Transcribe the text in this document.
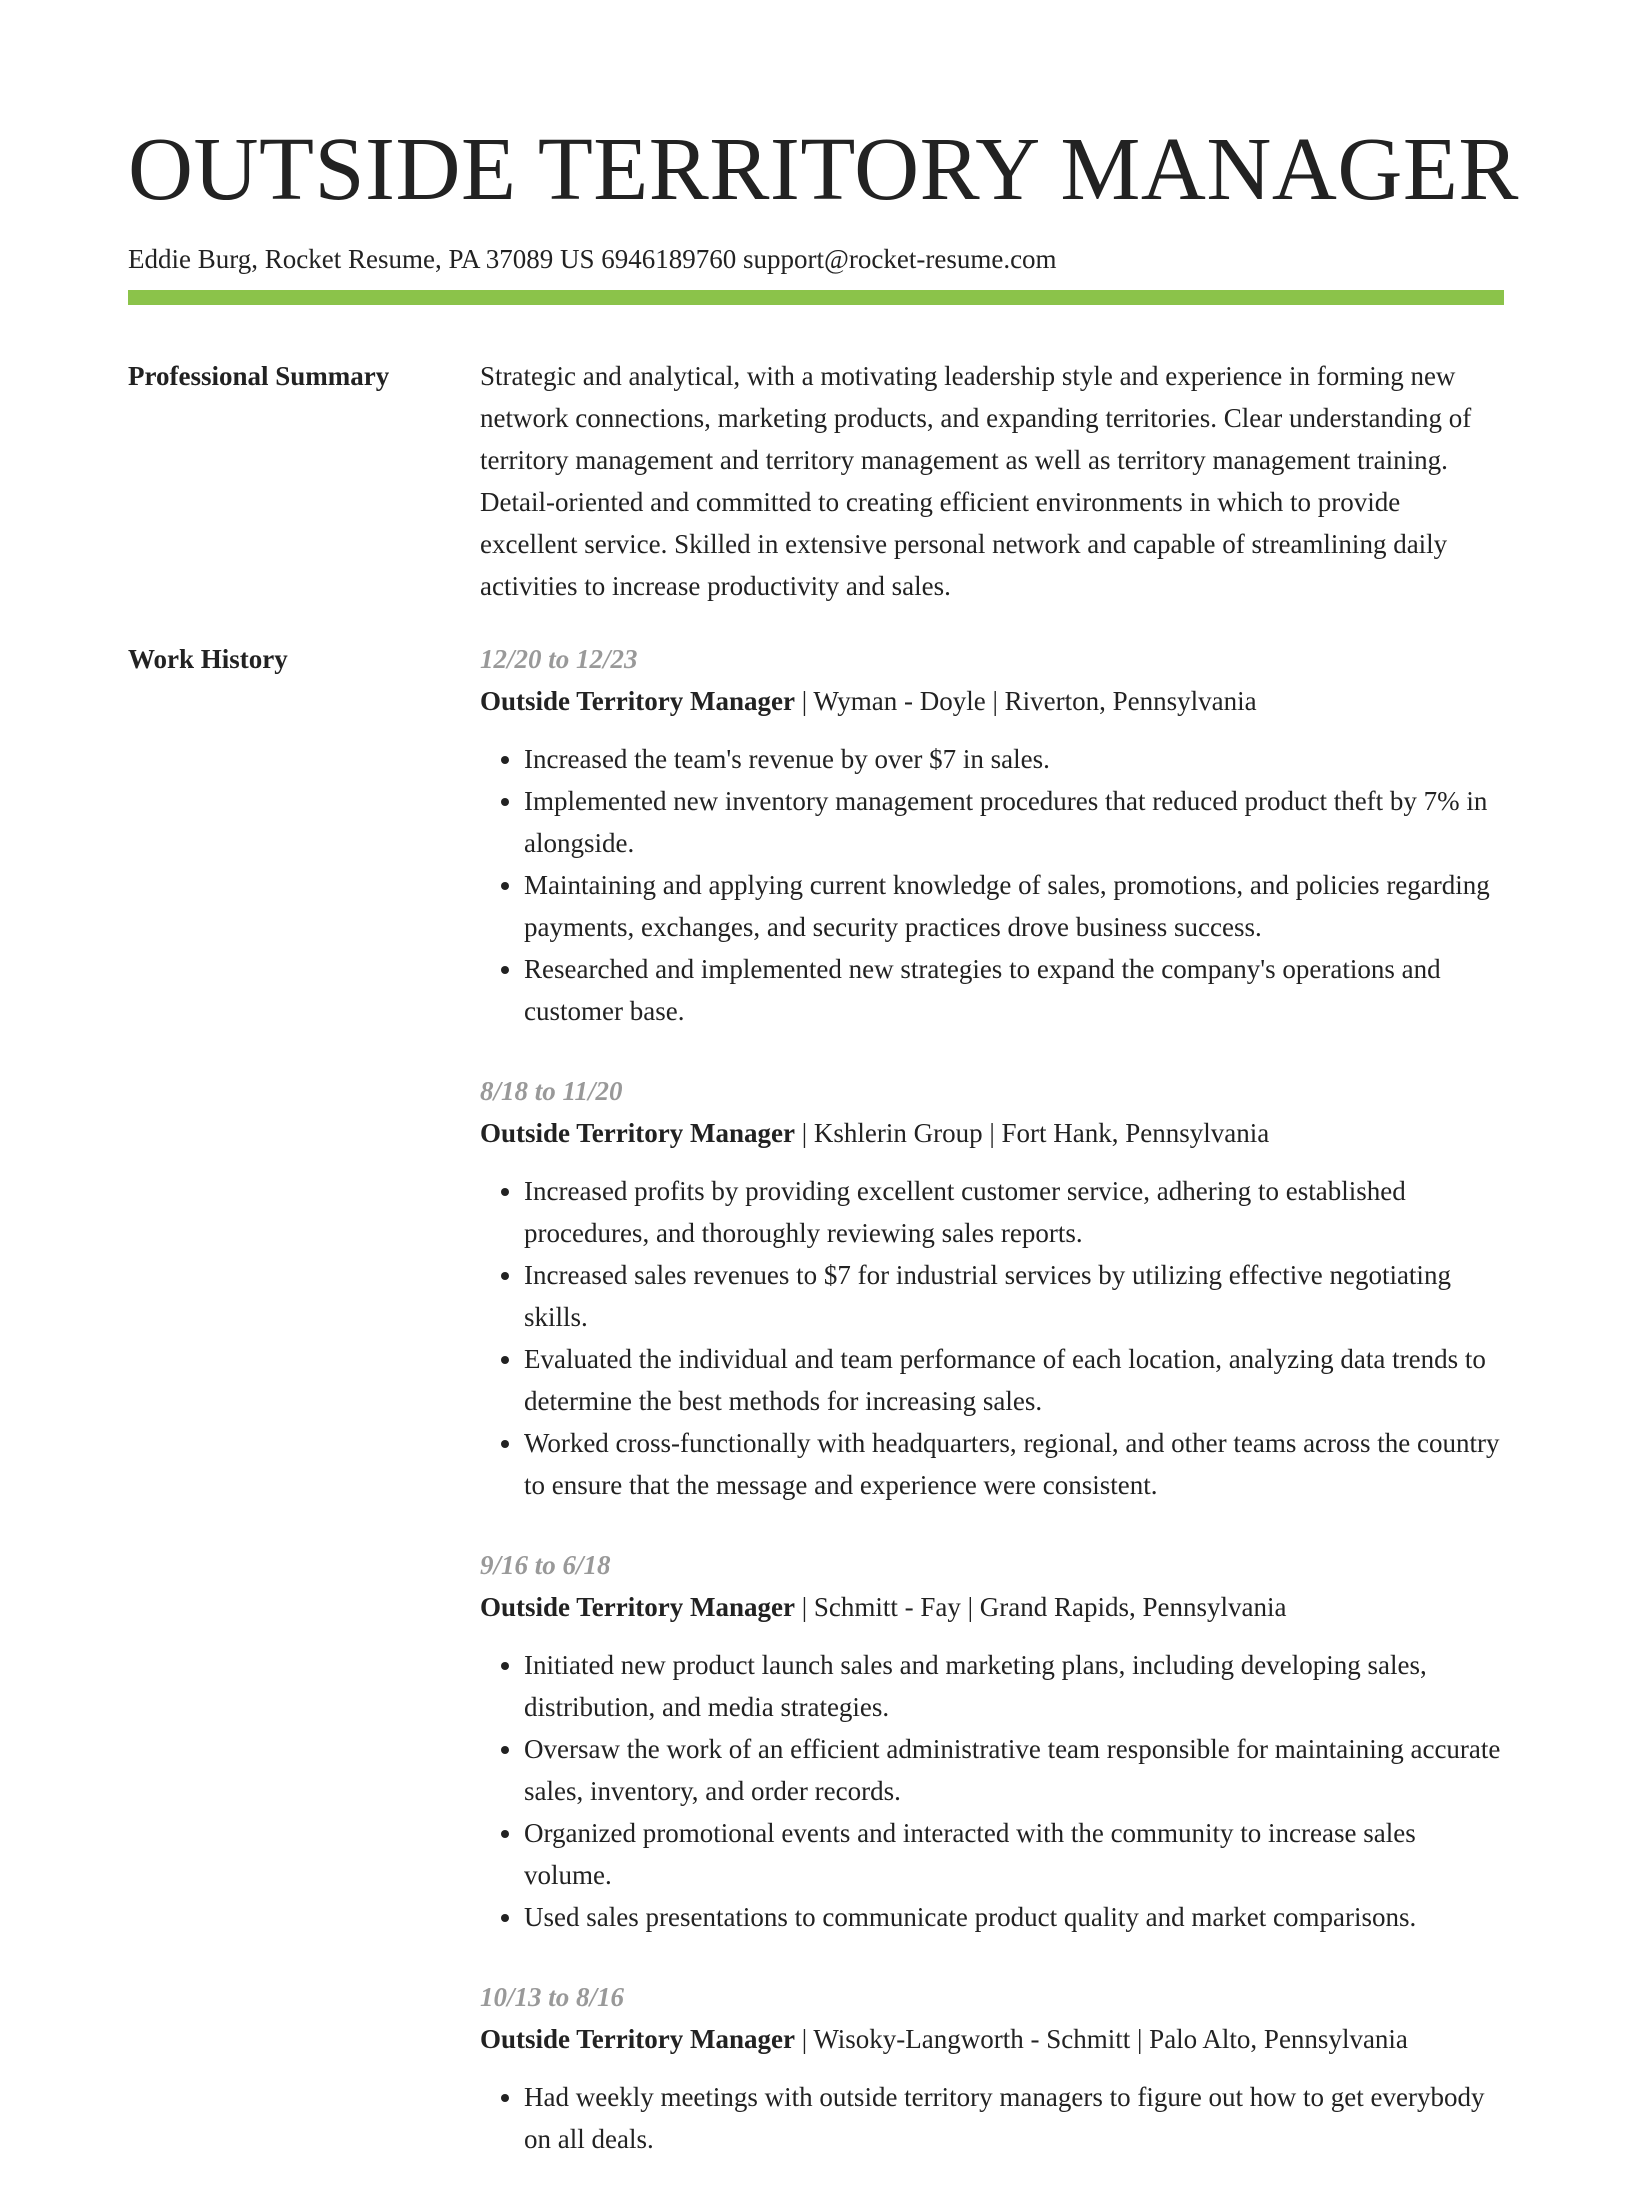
OUTSIDE TERRITORY MANAGER
Eddie Burg, Rocket Resume, PA 37089 US 6946189760 support@rocket-resume.com
Professional Summary	Strategic and analytical, with a motivating leadership style and experience in forming new network connections, marketing products, and expanding territories. Clear understanding of territory management and territory management as well as territory management training. Detail-oriented and committed to creating efficient environments in which to provide excellent service. Skilled in extensive personal network and capable of streamlining daily activities to increase productivity and sales.
Work History	12/20 to 12/23
Outside Territory Manager | Wyman - Doyle | Riverton, Pennsylvania
• Increased the team's revenue by over $7 in sales.
• Implemented new inventory management procedures that reduced product theft by 7% in alongside.
• Maintaining and applying current knowledge of sales, promotions, and policies regarding payments, exchanges, and security practices drove business success.
• Researched and implemented new strategies to expand the company's operations and customer base.
8/18 to 11/20
Outside Territory Manager | Kshlerin Group | Fort Hank, Pennsylvania
• Increased profits by providing excellent customer service, adhering to established procedures, and thoroughly reviewing sales reports.
• Increased sales revenues to $7 for industrial services by utilizing effective negotiating skills.
• Evaluated the individual and team performance of each location, analyzing data trends to determine the best methods for increasing sales.
• Worked cross-functionally with headquarters, regional, and other teams across the country to ensure that the message and experience were consistent.
9/16 to 6/18
Outside Territory Manager | Schmitt - Fay | Grand Rapids, Pennsylvania
• Initiated new product launch sales and marketing plans, including developing sales, distribution, and media strategies.
• Oversaw the work of an efficient administrative team responsible for maintaining accurate sales, inventory, and order records.
• Organized promotional events and interacted with the community to increase sales volume.
• Used sales presentations to communicate product quality and market comparisons.
10/13 to 8/16
Outside Territory Manager | Wisoky-Langworth - Schmitt | Palo Alto, Pennsylvania
• Had weekly meetings with outside territory managers to figure out how to get everybody on all deals.
